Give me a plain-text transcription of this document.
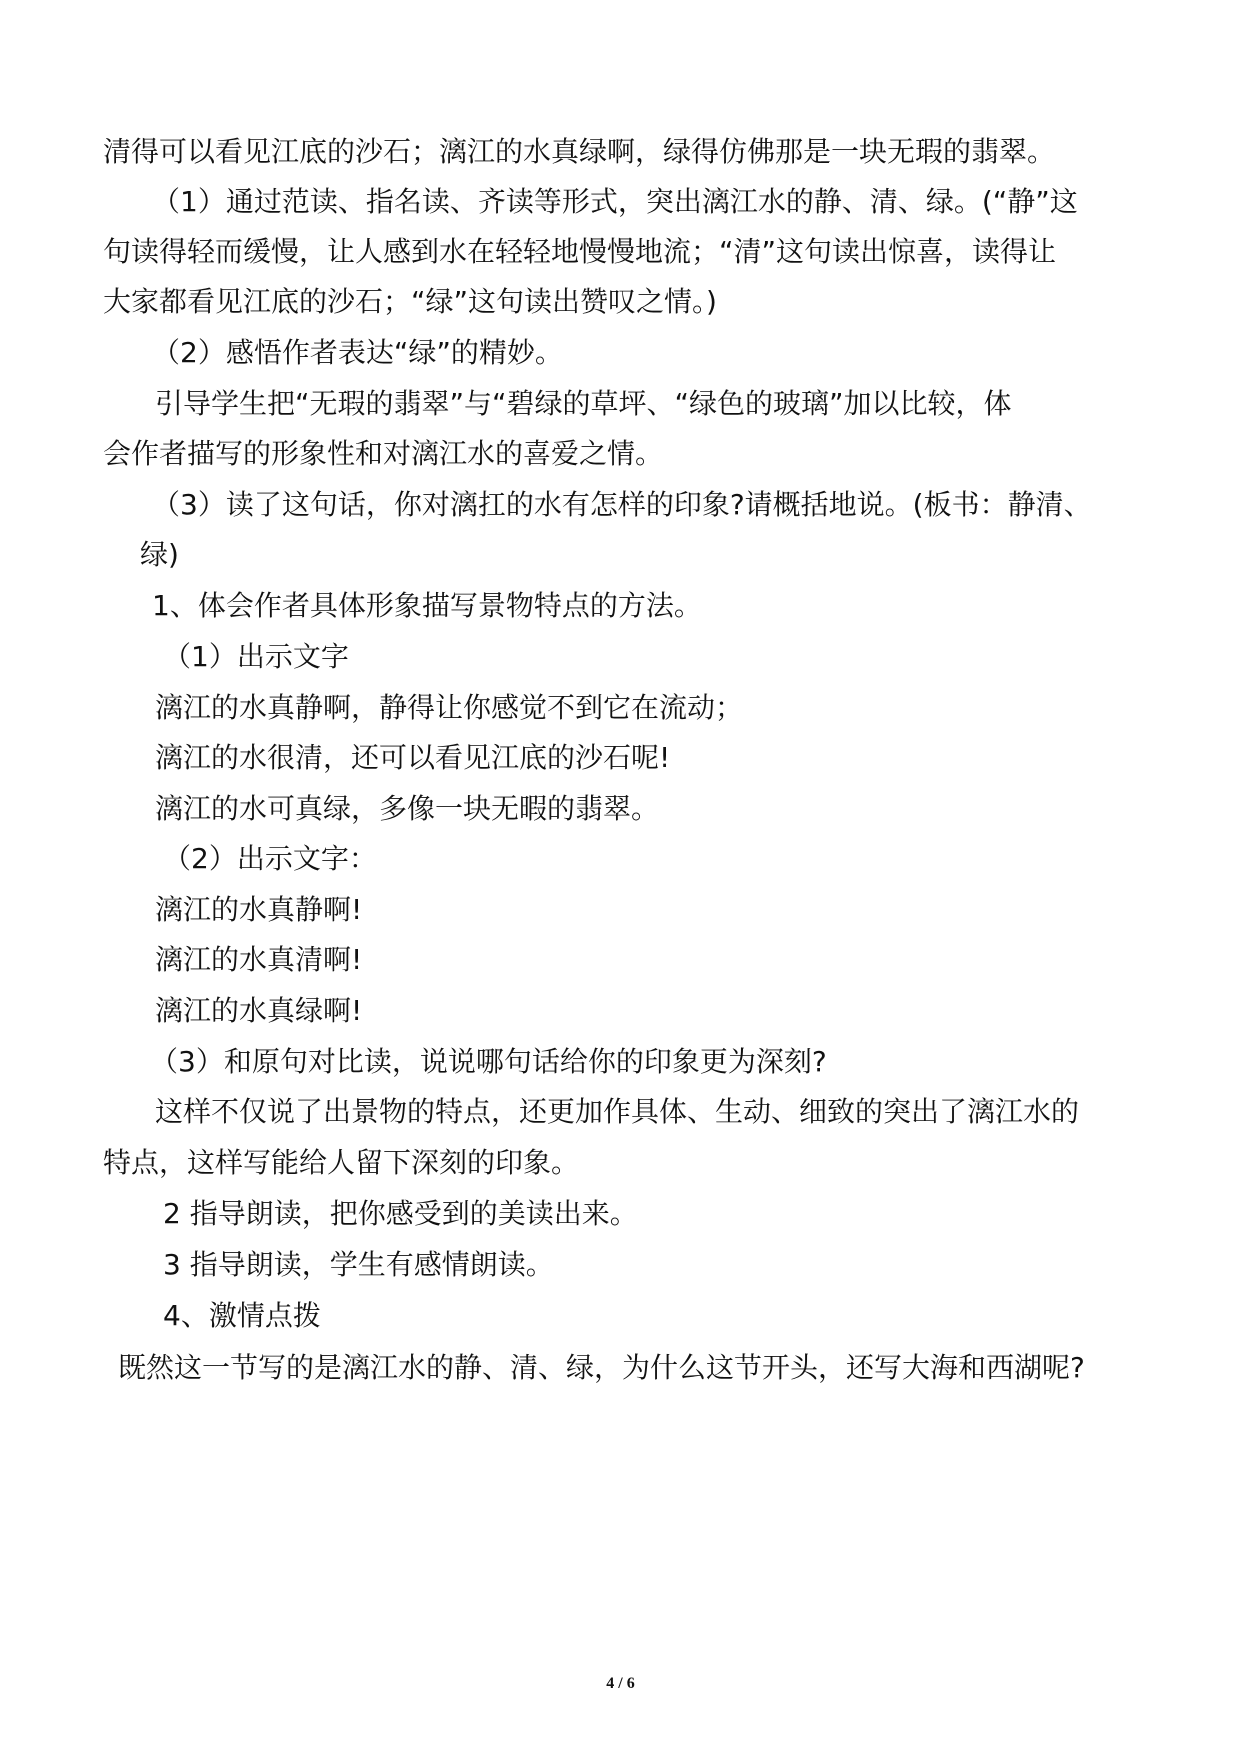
清得可以看见江底的沙石；漓江的水真绿啊，绿得仿佛那是一块无瑕的翡翠。
（1）通过范读、指名读、齐读等形式，突出漓江水的静、清、绿。(“静”这
句读得轻而缓慢，让人感到水在轻轻地慢慢地流；“清”这句读出惊喜，读得让
大家都看见江底的沙石；“绿”这句读出赞叹之情。)
（2）感悟作者表达“绿”的精妙。
引导学生把“无瑕的翡翠”与“碧绿的草坪、“绿色的玻璃”加以比较，体
会作者描写的形象性和对漓江水的喜爱之情。
（3）读了这句话，你对漓扛的水有怎样的印象?请概括地说。(板书：静清、
绿)
1、体会作者具体形象描写景物特点的方法。
（1）出示文字
漓江的水真静啊，静得让你感觉不到它在流动；
漓江的水很清，还可以看见江底的沙石呢!
漓江的水可真绿，多像一块无暇的翡翠。
（2）出示文字：
漓江的水真静啊!
漓江的水真清啊!
漓江的水真绿啊!
（3）和原句对比读，说说哪句话给你的印象更为深刻?
这样不仅说了出景物的特点，还更加作具体、生动、细致的突出了漓江水的
特点，这样写能给人留下深刻的印象。
2 指导朗读，把你感受到的美读出来。
3 指导朗读，学生有感情朗读。
4、激情点拨
既然这一节写的是漓江水的静、清、绿，为什么这节开头，还写大海和西湖呢?
4 / 6
